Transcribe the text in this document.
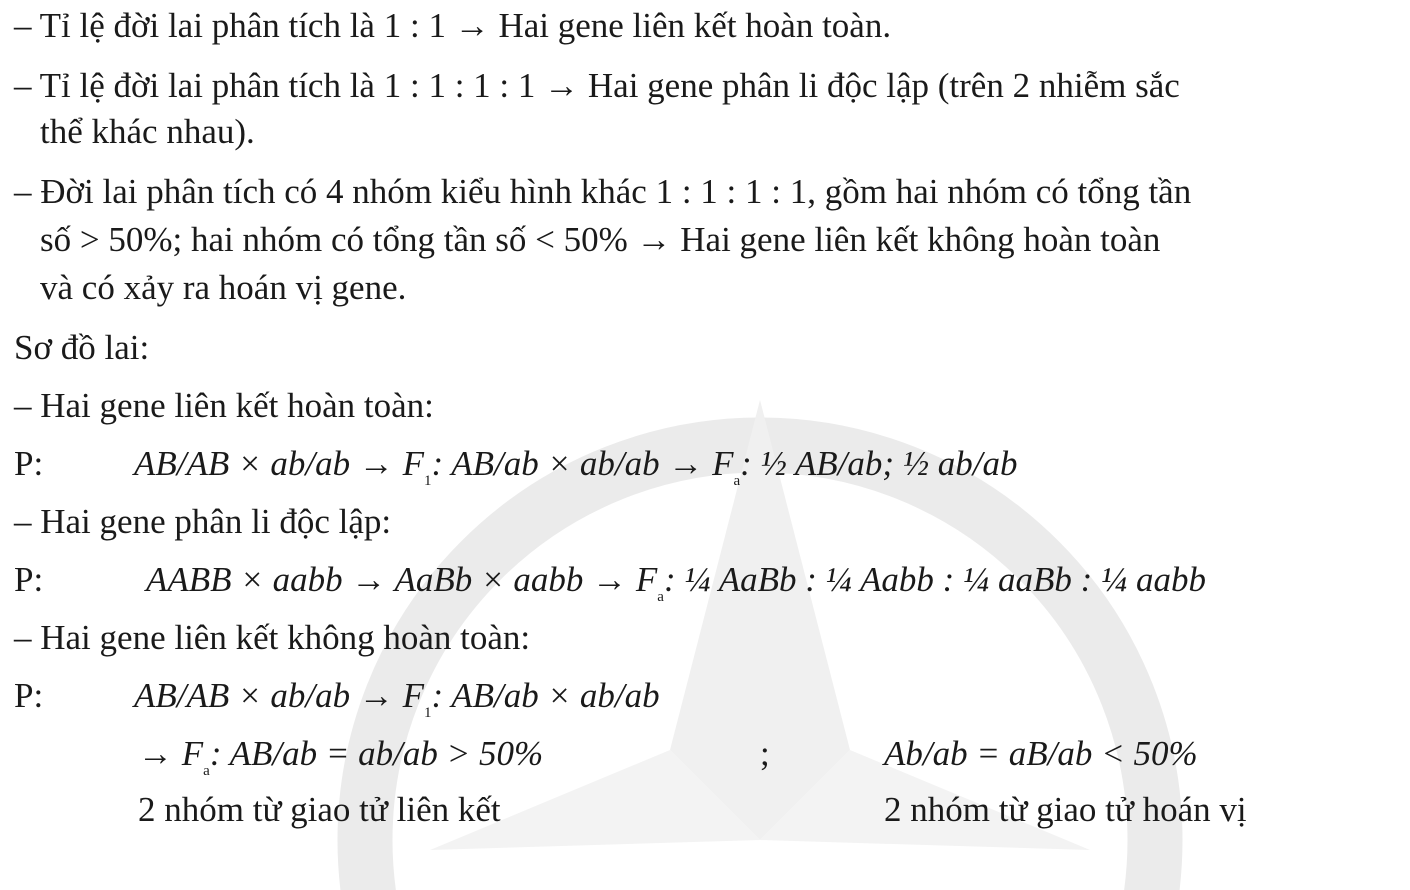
– Tỉ lệ đời lai phân tích là 1 : 1 → Hai gene liên kết hoàn toàn.
– Tỉ lệ đời lai phân tích là 1 : 1 : 1 : 1 → Hai gene phân li độc lập (trên 2 nhiễm sắc
thể khác nhau).
– Đời lai phân tích có 4 nhóm kiểu hình khác 1 : 1 : 1 : 1, gồm hai nhóm có tổng tần
số > 50%; hai nhóm có tổng tần số < 50% → Hai gene liên kết không hoàn toàn
và có xảy ra hoán vị gene.
Sơ đồ lai:
– Hai gene liên kết hoàn toàn:
P:	$AB/AB \times ab/ab \to F_1$: $AB/ab \times ab/ab \to F_a$: ½ AB/ab; ½ ab/ab
– Hai gene phân li độc lập:
P:	AABB × aabb → AaBb × aabb → $F_a$: ¼ AaBb : ¼ Aabb : ¼ aaBb : ¼ aabb
– Hai gene liên kết không hoàn toàn:
P:	$AB/AB \times ab/ab \to F_1$: AB/ab × ab/ab
→ $F_a$: AB/ab = ab/ab > 50%	;	Ab/ab = aB/ab < 50%
2 nhóm từ giao tử liên kết	2 nhóm từ giao tử hoán vị
